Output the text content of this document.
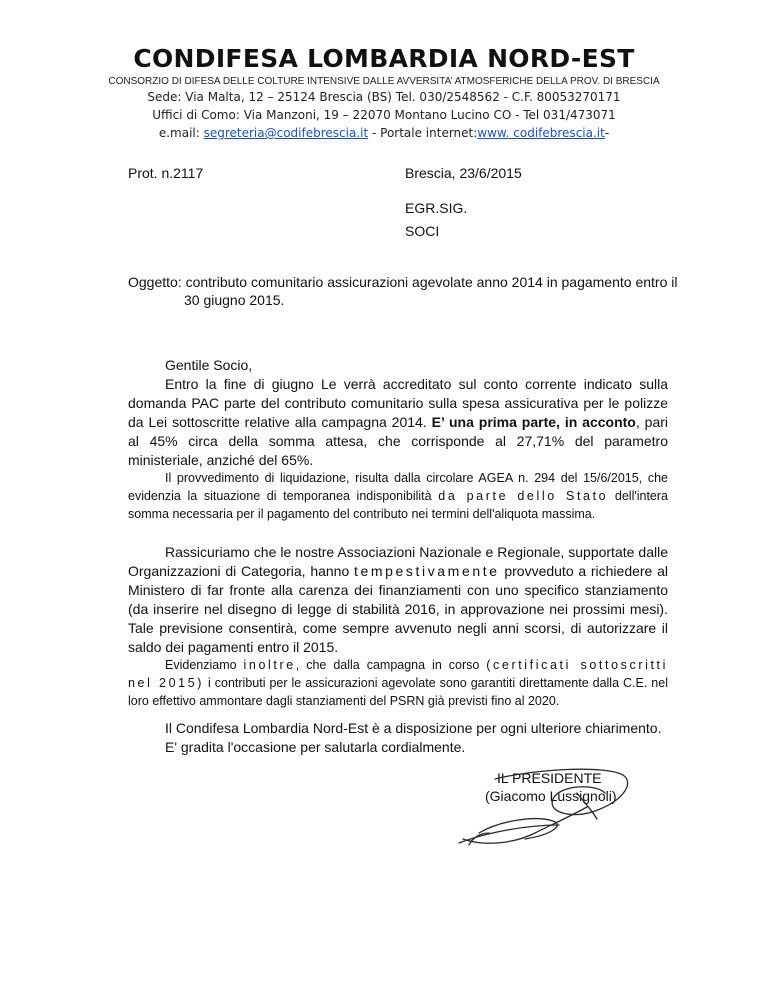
CONDIFESA LOMBARDIA NORD-EST
CONSORZIO DI DIFESA DELLE COLTURE INTENSIVE DALLE AVVERSITA’ ATMOSFERICHE DELLA PROV. DI BRESCIA
Sede: Via Malta, 12 – 25124 Brescia (BS) Tel. 030/2548562 - C.F. 80053270171
Uffici di Como: Via Manzoni, 19 – 22070 Montano Lucino CO - Tel 031/473071
e.mail: segreteria@codifebrescia.it - Portale internet:www. codifebrescia.it-
Prot. n.2117	Brescia, 23/6/2015
EGR.SIG.
SOCI
Oggetto: contributo comunitario assicurazioni agevolate anno 2014 in pagamento entro il
30 giugno 2015.
Gentile Socio,
Entro la fine di giugno Le verrà accreditato sul conto corrente indicato sulla domanda PAC parte del contributo comunitario sulla spesa assicurativa per le polizze da Lei sottoscritte relative alla campagna 2014. E’ una prima parte, in acconto, pari al 45% circa della somma attesa, che corrisponde al 27,71% del parametro ministeriale, anziché del 65%.
Il provvedimento di liquidazione, risulta dalla circolare AGEA n. 294 del 15/6/2015, che evidenzia la situazione di temporanea indisponibilità da parte dello Stato dell'intera somma necessaria per il pagamento del contributo nei termini dell'aliquota massima.
Rassicuriamo che le nostre Associazioni Nazionale e Regionale, supportate dalle Organizzazioni di Categoria, hanno tempestivamente provveduto a richiedere al Ministero di far fronte alla carenza dei finanziamenti con uno specifico stanziamento (da inserire nel disegno di legge di stabilità 2016, in approvazione nei prossimi mesi). Tale previsione consentirà, come sempre avvenuto negli anni scorsi, di autorizzare il saldo dei pagamenti entro il 2015.
Evidenziamo inoltre, che dalla campagna in corso (certificati sottoscritti nel 2015) i contributi per le assicurazioni agevolate sono garantiti direttamente dalla C.E. nel loro effettivo ammontare dagli stanziamenti del PSRN già previsti fino al 2020.
Il Condifesa Lombardia Nord-Est è a disposizione per ogni ulteriore chiarimento.
E' gradita l'occasione per salutarla cordialmente.
IL PRESIDENTE
(Giacomo Lussignoli)
